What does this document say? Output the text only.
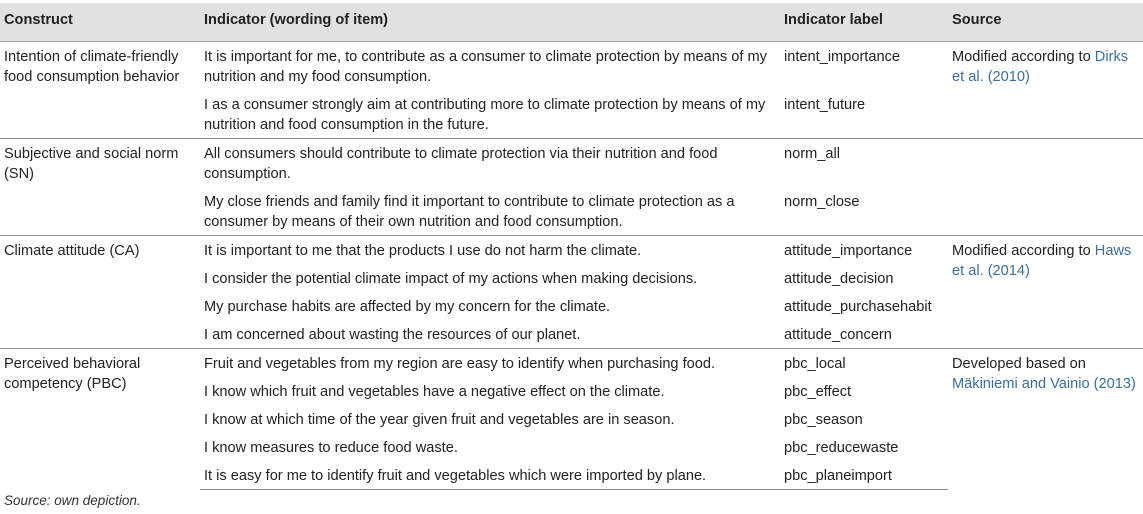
Construct	Indicator (wording of item)	Indicator label	Source
Intention of climate-friendly food consumption behavior	It is important for me, to contribute as a consumer to climate protection by means of my nutrition and my food consumption.	intent_importance	Modified according to Dirks et al. (2010)
	I as a consumer strongly aim at contributing more to climate protection by means of my nutrition and food consumption in the future.	intent_future	
Subjective and social norm (SN)	All consumers should contribute to climate protection via their nutrition and food consumption.	norm_all	
	My close friends and family find it important to contribute to climate protection as a consumer by means of their own nutrition and food consumption.	norm_close	
Climate attitude (CA)	It is important to me that the products I use do not harm the climate.	attitude_importance	Modified according to Haws et al. (2014)
	I consider the potential climate impact of my actions when making decisions.	attitude_decision	
	My purchase habits are affected by my concern for the climate.	attitude_purchasehabit	
	I am concerned about wasting the resources of our planet.	attitude_concern	
Perceived behavioral competency (PBC)	Fruit and vegetables from my region are easy to identify when purchasing food.	pbc_local	Developed based on Mäkiniemi and Vainio (2013)
	I know which fruit and vegetables have a negative effect on the climate.	pbc_effect	
	I know at which time of the year given fruit and vegetables are in season.	pbc_season	
	I know measures to reduce food waste.	pbc_reducewaste	
	It is easy for me to identify fruit and vegetables which were imported by plane.	pbc_planeimport	
Source: own depiction.
